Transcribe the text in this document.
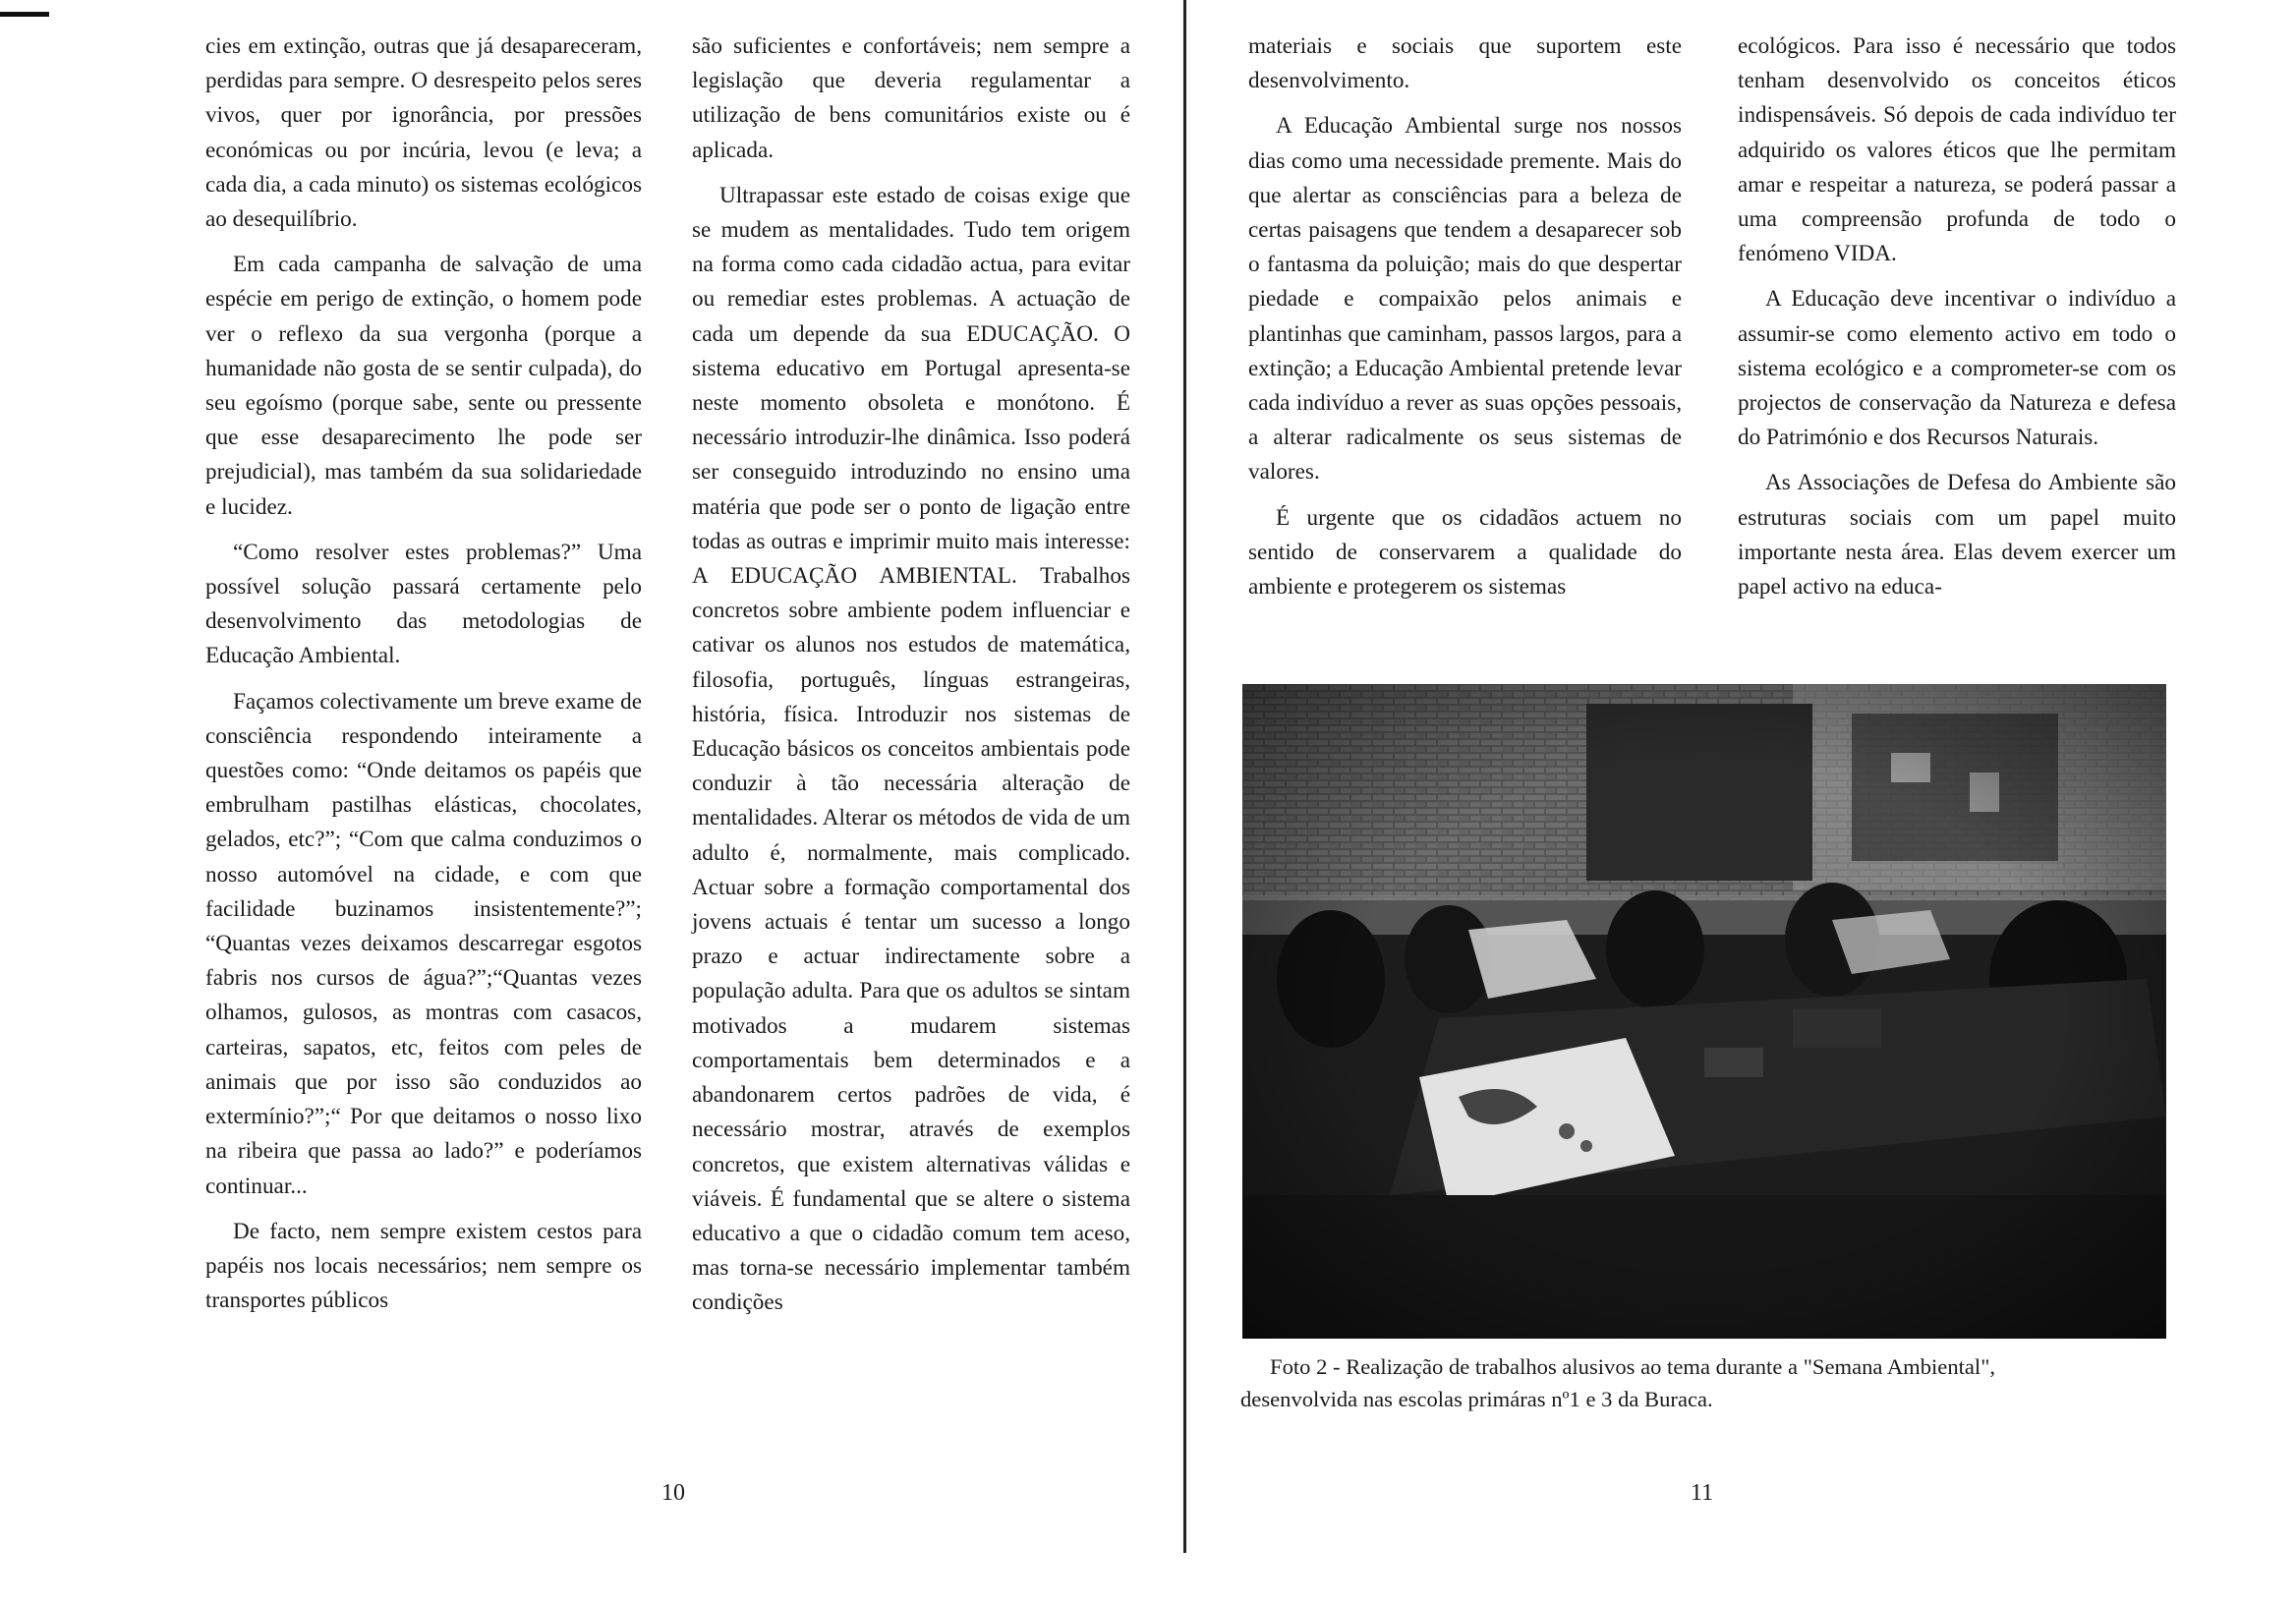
cies em extinção, outras que já desapareceram, perdidas para sempre. O desrespeito pelos seres vivos, quer por ignorância, por pressões económicas ou por incúria, levou (e leva; a cada dia, a cada minuto) os sistemas ecológicos ao desequilíbrio.

Em cada campanha de salvação de uma espécie em perigo de extinção, o homem pode ver o reflexo da sua vergonha (porque a humanidade não gosta de se sentir culpada), do seu egoísmo (porque sabe, sente ou pressente que esse desaparecimento lhe pode ser prejudicial), mas também da sua solidariedade e lucidez.

“Como resolver estes problemas?” Uma possível solução passará certamente pelo desenvolvimento das metodologias de Educação Ambiental.

Façamos colectivamente um breve exame de consciência respondendo inteiramente a questões como: “Onde deitamos os papéis que embrulham pastilhas elásticas, chocolates, gelados, etc?”; “Com que calma conduzimos o nosso automóvel na cidade, e com que facilidade buzinamos insistentemente?”; “Quantas vezes deixamos descarregar esgotos fabris nos cursos de água?”;“Quantas vezes olhamos, gulosos, as montras com casacos, carteiras, sapatos, etc, feitos com peles de animais que por isso são conduzidos ao extermínio?”;“ Por que deitamos o nosso lixo na ribeira que passa ao lado?” e poderíamos continuar...

De facto, nem sempre existem cestos para papéis nos locais necessários; nem sempre os transportes públicos

são suficientes e confortáveis; nem sempre a legislação que deveria regulamentar a utilização de bens comunitários existe ou é aplicada.

Ultrapassar este estado de coisas exige que se mudem as mentalidades. Tudo tem origem na forma como cada cidadão actua, para evitar ou remediar estes problemas. A actuação de cada um depende da sua EDUCAÇÃO. O sistema educativo em Portugal apresenta-se neste momento obsoleta e monótono. É necessário introduzir-lhe dinâmica. Isso poderá ser conseguido introduzindo no ensino uma matéria que pode ser o ponto de ligação entre todas as outras e imprimir muito mais interesse: A EDUCAÇÃO AMBIENTAL. Trabalhos concretos sobre ambiente podem influenciar e cativar os alunos nos estudos de matemática, filosofia, português, línguas estrangeiras, história, física. Introduzir nos sistemas de Educação básicos os conceitos ambientais pode conduzir à tão necessária alteração de mentalidades. Alterar os métodos de vida de um adulto é, normalmente, mais complicado. Actuar sobre a formação comportamental dos jovens actuais é tentar um sucesso a longo prazo e actuar indirectamente sobre a população adulta. Para que os adultos se sintam motivados a mudarem sistemas comportamentais bem determinados e a abandonarem certos padrões de vida, é necessário mostrar, através de exemplos concretos, que existem alternativas válidas e viáveis. É fundamental que se altere o sistema educativo a que o cidadão comum tem aceso, mas torna-se necessário implementar também condições

10

materiais e sociais que suportem este desenvolvimento.

A Educação Ambiental surge nos nossos dias como uma necessidade premente. Mais do que alertar as consciências para a beleza de certas paisagens que tendem a desaparecer sob o fantasma da poluição; mais do que despertar piedade e compaixão pelos animais e plantinhas que caminham, passos largos, para a extinção; a Educação Ambiental pretende levar cada indivíduo a rever as suas opções pessoais, a alterar radicalmente os seus sistemas de valores.

É urgente que os cidadãos actuem no sentido de conservarem a qualidade do ambiente e protegerem os sistemas

ecológicos. Para isso é necessário que todos tenham desenvolvido os conceitos éticos indispensáveis. Só depois de cada indivíduo ter adquirido os valores éticos que lhe permitam amar e respeitar a natureza, se poderá passar a uma compreensão profunda de todo o fenómeno VIDA.

A Educação deve incentivar o indivíduo a assumir-se como elemento activo em todo o sistema ecológico e a comprometer-se com os projectos de conservação da Natureza e defesa do Património e dos Recursos Naturais.

As Associações de Defesa do Ambiente são estruturas sociais com um papel muito importante nesta área. Elas devem exercer um papel activo na educa-

11
Foto 2 - Realização de trabalhos alusivos ao tema durante a "Semana Ambiental",
desenvolvida nas escolas primáras nº1 e 3 da Buraca.
